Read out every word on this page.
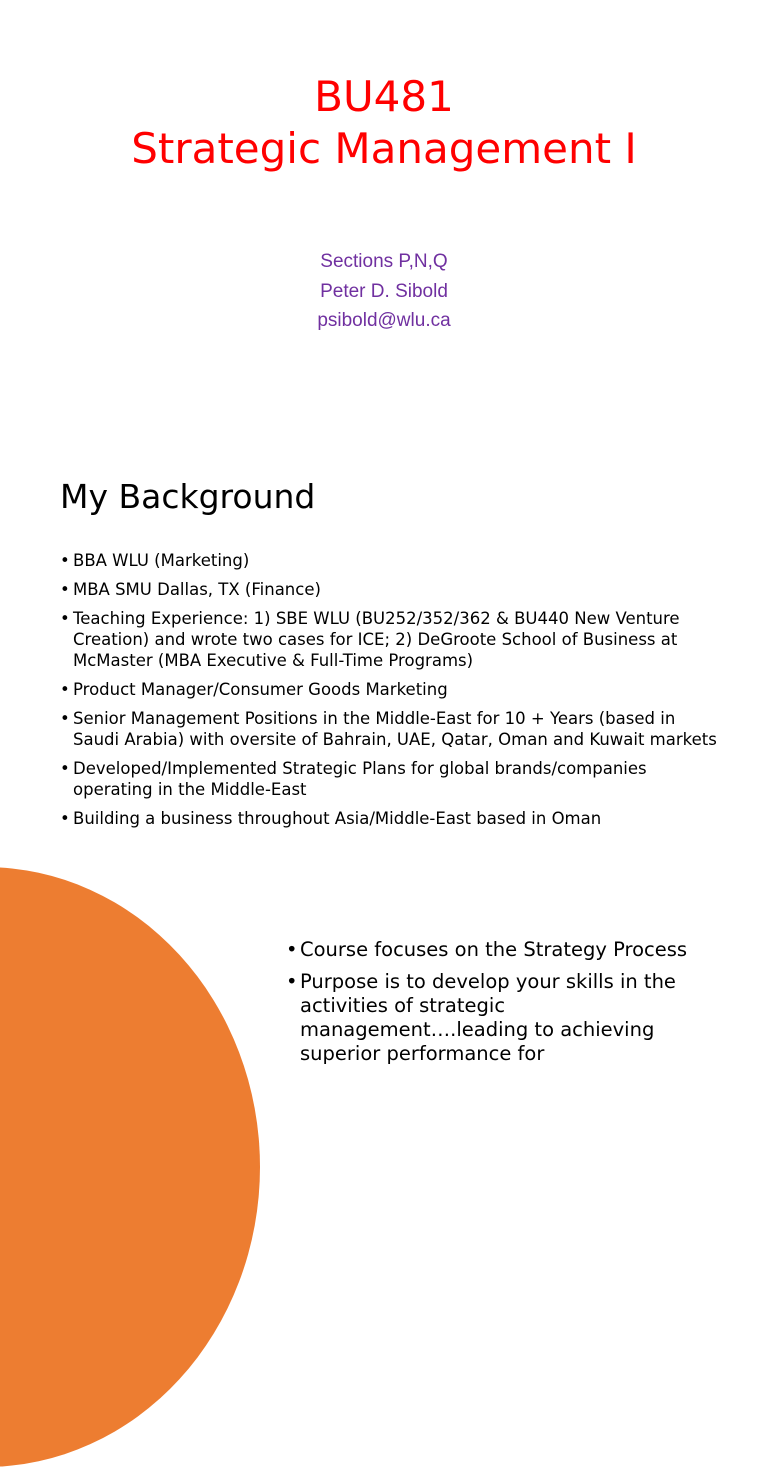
BU481
Strategic Management I
Sections P,N,Q
Peter D. Sibold
psibold@wlu.ca
My Background
• BBA WLU (Marketing)
• MBA SMU Dallas, TX (Finance)
• Teaching Experience: 1) SBE WLU (BU252/352/362 & BU440 New Venture Creation) and wrote two cases for ICE; 2) DeGroote School of Business at McMaster (MBA Executive & Full-Time Programs)
• Product Manager/Consumer Goods Marketing
• Senior Management Positions in the Middle-East for 10 + Years (based in Saudi Arabia) with oversite of Bahrain, UAE, Qatar, Oman and Kuwait markets
• Developed/Implemented Strategic Plans for global brands/companies operating in the Middle-East
• Building a business throughout Asia/Middle-East based in Oman
• Course focuses on the Strategy Process
• Purpose is to develop your skills in the activities of strategic management….leading to achieving superior performance for
